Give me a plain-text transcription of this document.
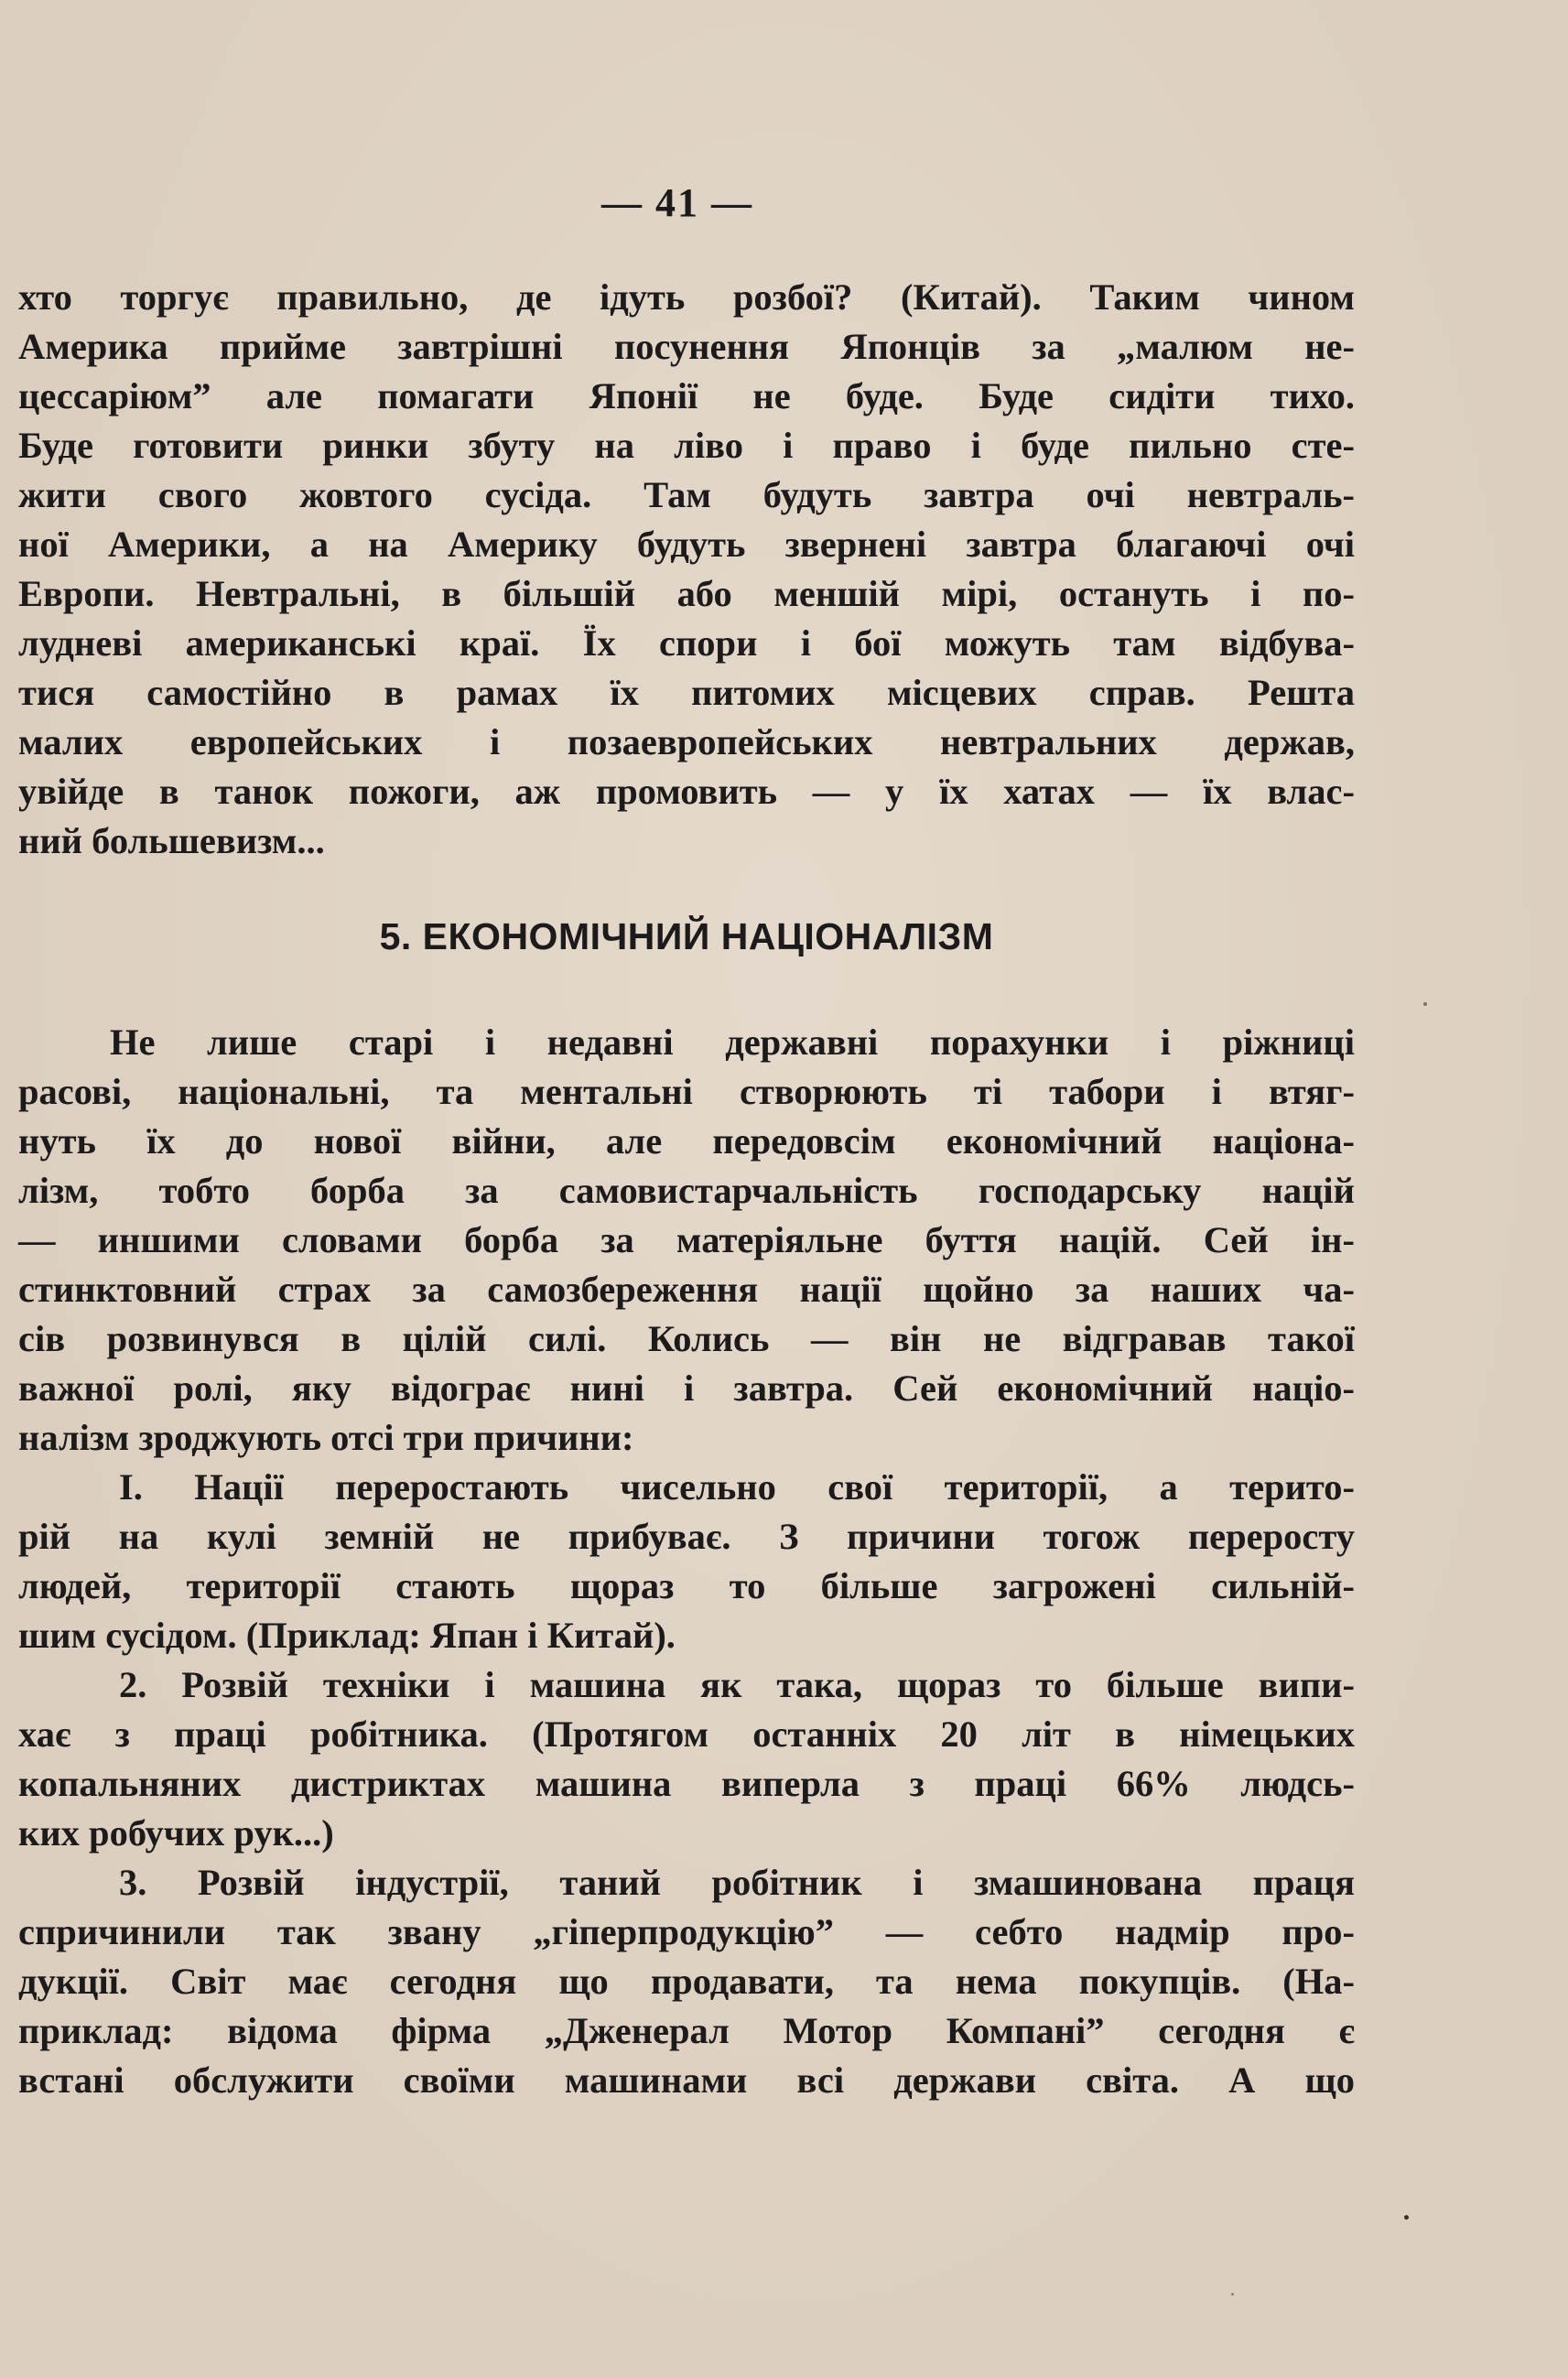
— 41 —
хто торгує правильно, де ідуть розбої? (Китай). Таким чином
Америка прийме завтрішні посунення Японців за „малюм не-
цессаріюм” але помагати Японії не буде. Буде сидіти тихо.
Буде готовити ринки збуту на ліво і право і буде пильно сте-
жити свого жовтого сусіда. Там будуть завтра очі невтраль-
ної Америки, а на Америку будуть звернені завтра благаючі очі
Европи. Невтральні, в більшій або меншій мірі, остануть і по-
лудневі американські краї. Їх спори і бої можуть там відбува-
тися самостійно в рамах їх питомих місцевих справ. Решта
малих европейських і позаевропейських невтральних держав,
увійде в танок пожоги, аж промовить — у їх хатах — їх влас-
ний большевизм...
5. ЕКОНОМІЧНИЙ НАЦІОНАЛІЗМ
Не лише старі і недавні державні порахунки і ріжниці
расові, національні, та ментальні створюють ті табори і втяг-
нуть їх до нової війни, але передовсім економічний націона-
лізм, тобто борба за самовистарчальність господарську націй
— иншими словами борба за матеріяльне буття націй. Сей ін-
стинктовний страх за самозбереження нації щойно за наших ча-
сів розвинувся в цілій силі. Колись — він не відгравав такої
важної ролі, яку відограє нині і завтра. Сей економічний націо-
налізм зроджують отсі три причини:
І. Нації переростають чисельно свої території, а терито-
рій на кулі земній не прибуває. З причини тогож переросту
людей, території стають щораз то більше загрожені сильній-
шим сусідом. (Приклад: Япан і Китай).
2. Розвій техніки і машина як така, щораз то більше випи-
хає з праці робітника. (Протягом останніх 20 літ в німецьких
копальняних дистриктах машина виперла з праці 66% людсь-
ких робучих рук...)
3. Розвій індустрії, таний робітник і змашинована праця
спричинили так звану „гіперпродукцію” — себто надмір про-
дукції. Світ має сегодня що продавати, та нема покупців. (На-
приклад: відома фірма „Дженерал Мотор Компані” сегодня є
встані обслужити своїми машинами всі держави світа. А що
